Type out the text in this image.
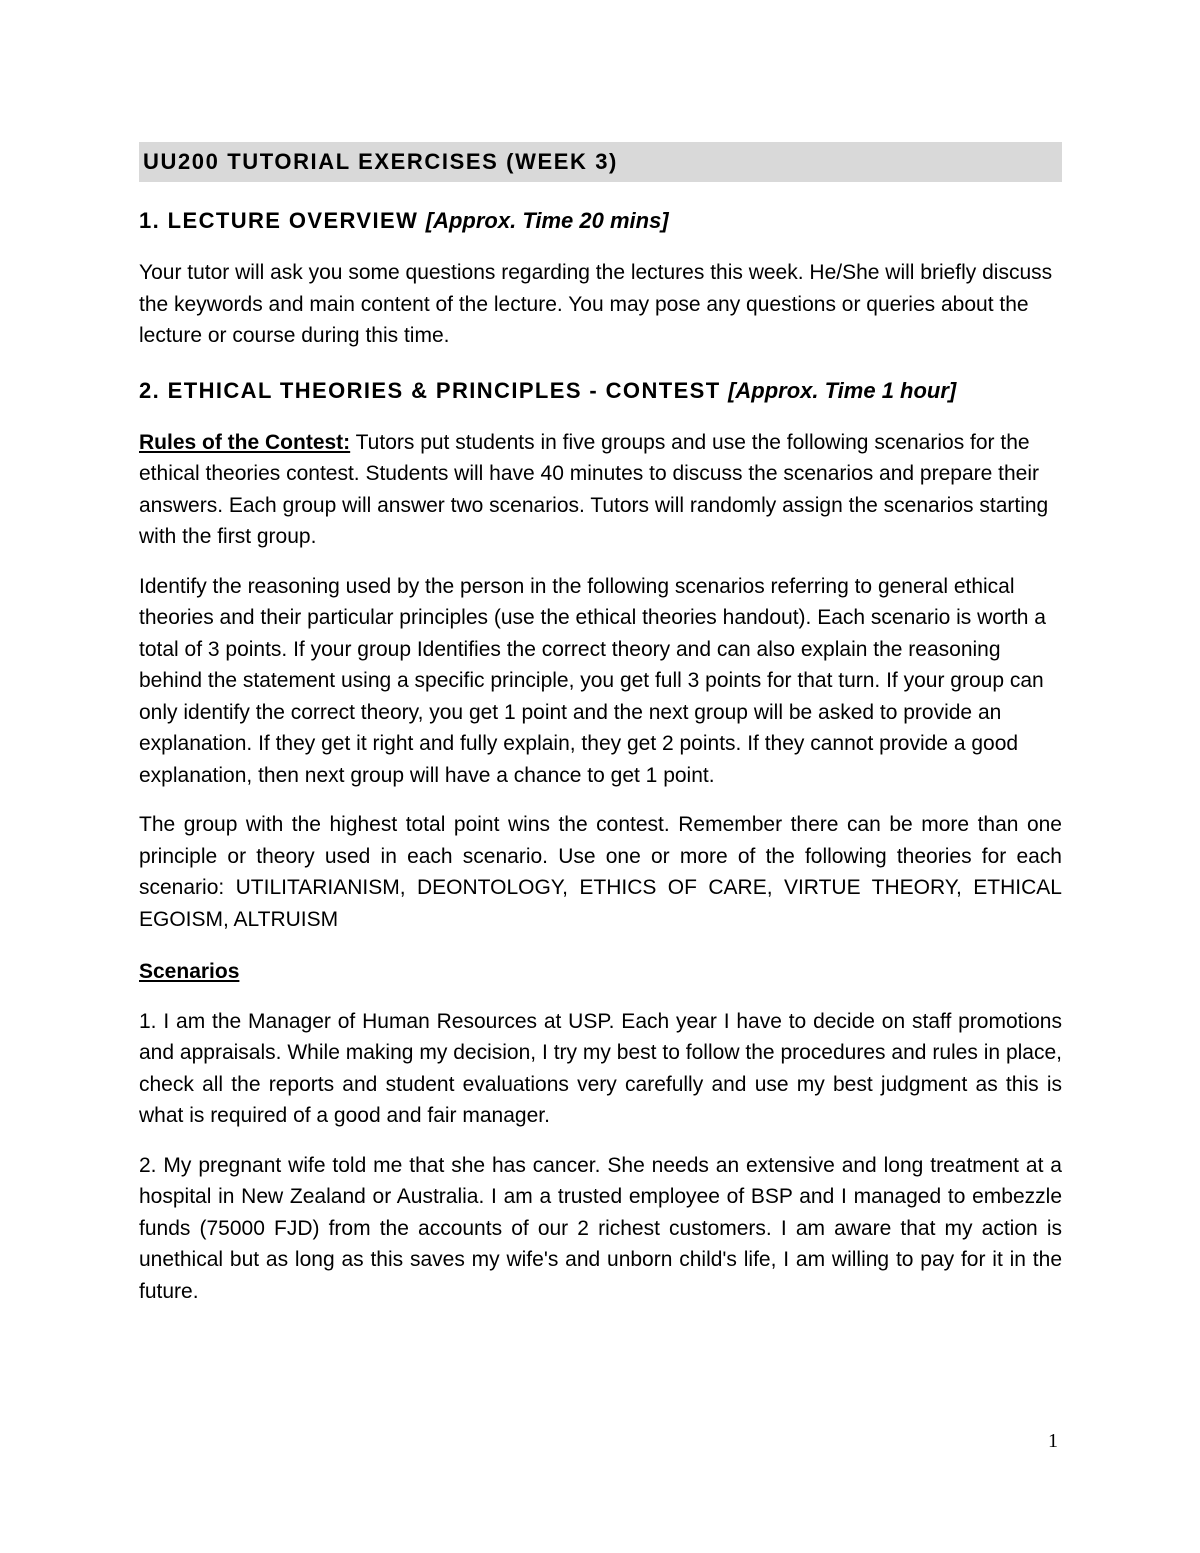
UU200 TUTORIAL EXERCISES (WEEK 3)
1. LECTURE OVERVIEW [Approx. Time 20 mins]

Your tutor will ask you some questions regarding the lectures this week. He/She will briefly discuss the keywords and main content of the lecture. You may pose any questions or queries about the lecture or course during this time.

2. ETHICAL THEORIES & PRINCIPLES - CONTEST [Approx. Time 1 hour]

Rules of the Contest: Tutors put students in five groups and use the following scenarios for the ethical theories contest. Students will have 40 minutes to discuss the scenarios and prepare their answers. Each group will answer two scenarios. Tutors will randomly assign the scenarios starting with the first group.

Identify the reasoning used by the person in the following scenarios referring to general ethical theories and their particular principles (use the ethical theories handout). Each scenario is worth a total of 3 points. If your group Identifies the correct theory and can also explain the reasoning behind the statement using a specific principle, you get full 3 points for that turn. If your group can only identify the correct theory, you get 1 point and the next group will be asked to provide an explanation. If they get it right and fully explain, they get 2 points. If they cannot provide a good explanation, then next group will have a chance to get 1 point.

The group with the highest total point wins the contest. Remember there can be more than one principle or theory used in each scenario. Use one or more of the following theories for each scenario: UTILITARIANISM, DEONTOLOGY, ETHICS OF CARE, VIRTUE THEORY, ETHICAL EGOISM, ALTRUISM

Scenarios

1. I am the Manager of Human Resources at USP. Each year I have to decide on staff promotions and appraisals. While making my decision, I try my best to follow the procedures and rules in place, check all the reports and student evaluations very carefully and use my best judgment as this is what is required of a good and fair manager.

2. My pregnant wife told me that she has cancer. She needs an extensive and long treatment at a hospital in New Zealand or Australia. I am a trusted employee of BSP and I managed to embezzle funds (75000 FJD) from the accounts of our 2 richest customers. I am aware that my action is unethical but as long as this saves my wife's and unborn child's life, I am willing to pay for it in the future.

1
